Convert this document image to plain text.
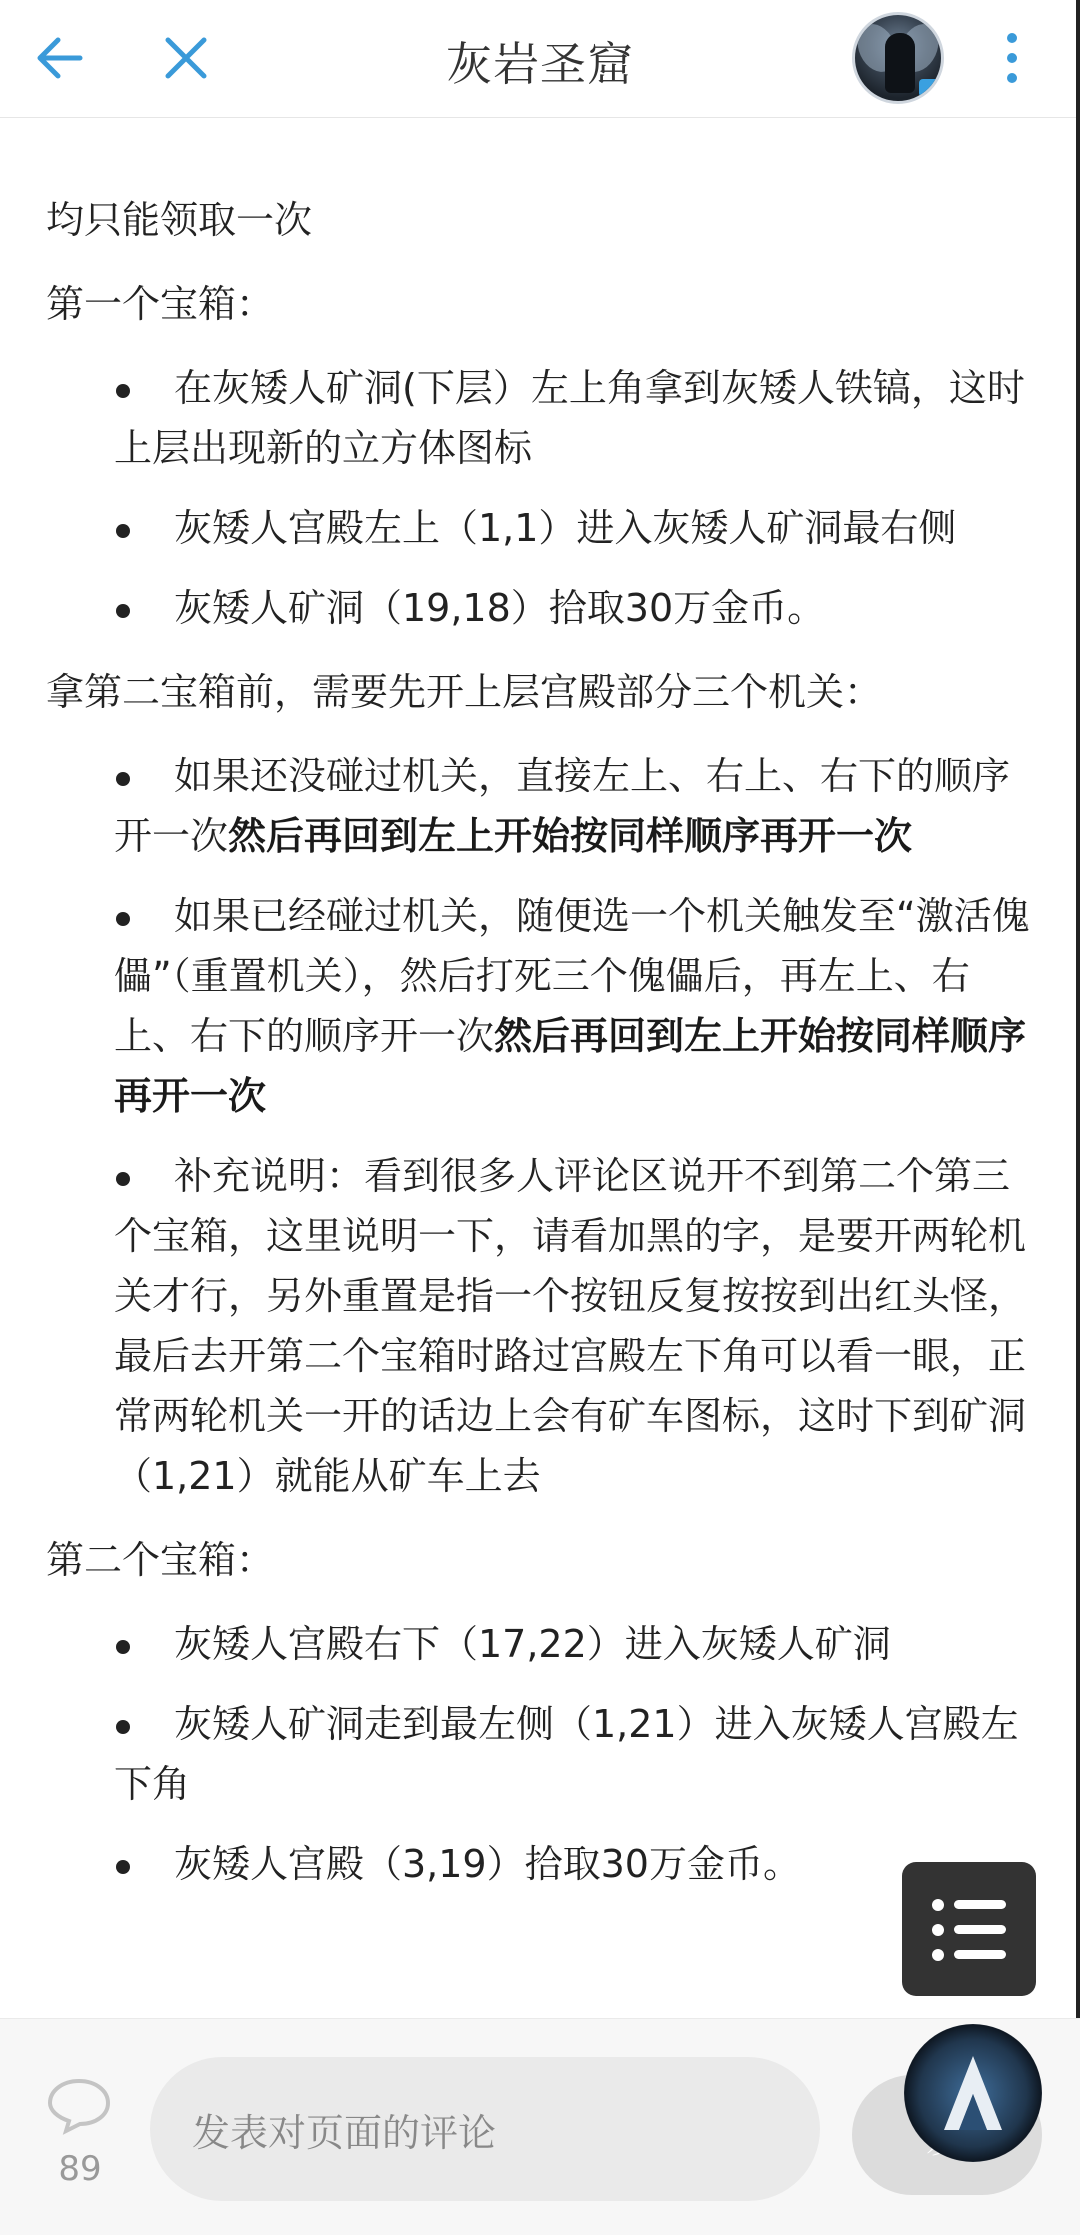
灰岩圣窟

均只能领取一次

第一个宝箱：

在灰矮人矿洞(下层）左上角拿到灰矮人铁镐，这时上层出现新的立方体图标
灰矮人宫殿左上（1,1）进入灰矮人矿洞最右侧
灰矮人矿洞（19,18）拾取30万金币。

拿第二宝箱前，需要先开上层宫殿部分三个机关：

如果还没碰过机关，直接左上、右上、右下的顺序开一次然后再回到左上开始按同样顺序再开一次
如果已经碰过机关，随便选一个机关触发至“激活傀儡”（重置机关），然后打死三个傀儡后，再左上、右上、右下的顺序开一次然后再回到左上开始按同样顺序再开一次
补充说明：看到很多人评论区说开不到第二个第三个宝箱，这里说明一下，请看加黑的字，是要开两轮机关才行，另外重置是指一个按钮反复按按到出红头怪，最后去开第二个宝箱时路过宫殿左下角可以看一眼，正常两轮机关一开的话边上会有矿车图标，这时下到矿洞（1,21）就能从矿车上去

第二个宝箱：

灰矮人宫殿右下（17,22）进入灰矮人矿洞
灰矮人矿洞走到最左侧（1,21）进入灰矮人宫殿左下角
灰矮人宫殿（3,19）拾取30万金币。
89
发表对页面的评论
